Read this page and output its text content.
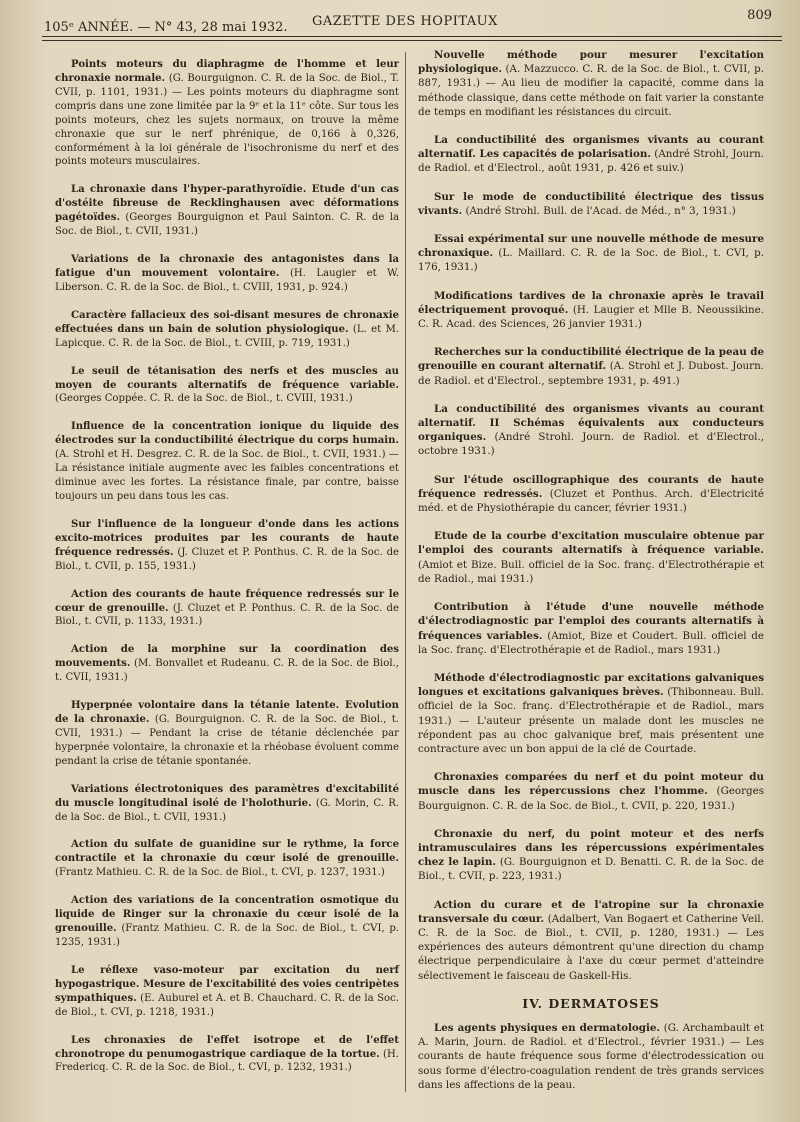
105ᵉ ANNÉE. — N° 43, 28 mai 1932. GAZETTE DES HOPITAUX	809

Points moteurs du diaphragme de l'homme et leur chronaxie normale. (G. Bourguignon. C. R. de la Soc. de Biol., T. CVII, p. 1101, 1931.) — Les points moteurs du diaphragme sont compris dans une zone limitée par la 9ᵉ et la 11ᵉ côte. Sur tous les points moteurs, chez les sujets normaux, on trouve la même chronaxie que sur le nerf phrénique, de 0,166 à 0,326, conformément à la loi générale de l'isochronisme du nerf et des points moteurs musculaires.

La chronaxie dans l'hyper-parathyroïdie. Etude d'un cas d'ostéite fibreuse de Recklinghausen avec déformations pagétoïdes. (Georges Bourguignon et Paul Sainton. C. R. de la Soc. de Biol., t. CVII, 1931.)

Variations de la chronaxie des antagonistes dans la fatigue d'un mouvement volontaire. (H. Laugier et W. Liberson. C. R. de la Soc. de Biol., t. CVIII, 1931, p. 924.)

Caractère fallacieux des soi-disant mesures de chronaxie effectuées dans un bain de solution physiologique. (L. et M. Lapicque. C. R. de la Soc. de Biol., t. CVIII, p. 719, 1931.)

Le seuil de tétanisation des nerfs et des muscles au moyen de courants alternatifs de fréquence variable. (Georges Coppée. C. R. de la Soc. de Biol., t. CVIII, 1931.)

Influence de la concentration ionique du liquide des électrodes sur la conductibilité électrique du corps humain. (A. Strohl et H. Desgrez. C. R. de la Soc. de Biol., t. CVII, 1931.) — La résistance initiale augmente avec les faibles concentrations et diminue avec les fortes. La résistance finale, par contre, baisse toujours un peu dans tous les cas.

Sur l'influence de la longueur d'onde dans les actions excito-motrices produites par les courants de haute fréquence redressés. (J. Cluzet et P. Ponthus. C. R. de la Soc. de Biol., t. CVII, p. 155, 1931.)

Action des courants de haute fréquence redressés sur le cœur de grenouille. (J. Cluzet et P. Ponthus. C. R. de la Soc. de Biol., t. CVII, p. 1133, 1931.)

Action de la morphine sur la coordination des mouvements. (M. Bonvallet et Rudeanu. C. R. de la Soc. de Biol., t. CVII, 1931.)

Hyperpnée volontaire dans la tétanie latente. Evolution de la chronaxie. (G. Bourguignon. C. R. de la Soc. de Biol., t. CVII, 1931.) — Pendant la crise de tétanie déclenchée par hyperpnée volontaire, la chronaxie et la rhéobase évoluent comme pendant la crise de tétanie spontanée.

Variations électrotoniques des paramètres d'excitabilité du muscle longitudinal isolé de l'holothurie. (G. Morin, C. R. de la Soc. de Biol., t. CVII, 1931.)

Action du sulfate de guanidine sur le rythme, la force contractile et la chronaxie du cœur isolé de grenouille. (Frantz Mathieu. C. R. de la Soc. de Biol., t. CVI, p. 1237, 1931.)

Action des variations de la concentration osmotique du liquide de Ringer sur la chronaxie du cœur isolé de la grenouille. (Frantz Mathieu. C. R. de la Soc. de Biol., t. CVI, p. 1235, 1931.)

Le réflexe vaso-moteur par excitation du nerf hypogastrique. Mesure de l'excitabilité des voies centripètes sympathiques. (E. Auburel et A. et B. Chauchard. C. R. de la Soc. de Biol., t. CVI, p. 1218, 1931.)

Les chronaxies de l'effet isotrope et de l'effet chronotrope du penumogastrique cardiaque de la tortue. (H. Fredericq. C. R. de la Soc. de Biol., t. CVI, p. 1232, 1931.)

Nouvelle méthode pour mesurer l'excitation physiologique. (A. Mazzucco. C. R. de la Soc. de Biol., t. CVII, p. 887, 1931.) — Au lieu de modifier la capacité, comme dans la méthode classique, dans cette méthode on fait varier la constante de temps en modifiant les résistances du circuit.

La conductibilité des organismes vivants au courant alternatif. Les capacités de polarisation. (André Strohl, Journ. de Radiol. et d'Electrol., août 1931, p. 426 et suiv.)

Sur le mode de conductibilité électrique des tissus vivants. (André Strohl. Bull. de l'Acad. de Méd., n° 3, 1931.)

Essai expérimental sur une nouvelle méthode de mesure chronaxique. (L. Maillard. C. R. de la Soc. de Biol., t. CVI, p. 176, 1931.)

Modifications tardives de la chronaxie après le travail électriquement provoqué. (H. Laugier et Mlle B. Neoussikine. C. R. Acad. des Sciences, 26 janvier 1931.)

Recherches sur la conductibilité électrique de la peau de grenouille en courant alternatif. (A. Strohl et J. Dubost. Journ. de Radiol. et d'Electrol., septembre 1931, p. 491.)

La conductibilité des organismes vivants au courant alternatif. II Schémas équivalents aux conducteurs organiques. (André Strohl. Journ. de Radiol. et d'Electrol., octobre 1931.)

Sur l'étude oscillographique des courants de haute fréquence redressés. (Cluzet et Ponthus. Arch. d'Electricité méd. et de Physiothérapie du cancer, février 1931.)

Etude de la courbe d'excitation musculaire obtenue par l'emploi des courants alternatifs à fréquence variable. (Amiot et Bize. Bull. officiel de la Soc. franç. d'Electrothérapie et de Radiol., mai 1931.)

Contribution à l'étude d'une nouvelle méthode d'électrodiagnostic par l'emploi des courants alternatifs à fréquences variables. (Amiot, Bize et Coudert. Bull. officiel de la Soc. franç. d'Electrothérapie et de Radiol., mars 1931.)

Méthode d'électrodiagnostic par excitations galvaniques longues et excitations galvaniques brèves. (Thibonneau. Bull. officiel de la Soc. franç. d'Electrothérapie et de Radiol., mars 1931.) — L'auteur présente un malade dont les muscles ne répondent pas au choc galvanique bref, mais présentent une contracture avec un bon appui de la clé de Courtade.

Chronaxies comparées du nerf et du point moteur du muscle dans les répercussions chez l'homme. (Georges Bourguignon. C. R. de la Soc. de Biol., t. CVII, p. 220, 1931.)

Chronaxie du nerf, du point moteur et des nerfs intramusculaires dans les répercussions expérimentales chez le lapin. (G. Bourguignon et D. Benatti. C. R. de la Soc. de Biol., t. CVII, p. 223, 1931.)

Action du curare et de l'atropine sur la chronaxie transversale du cœur. (Adalbert, Van Bogaert et Catherine Veil. C. R. de la Soc. de Biol., t. CVII, p. 1280, 1931.) — Les expériences des auteurs démontrent qu'une direction du champ électrique perpendiculaire à l'axe du cœur permet d'atteindre sélectivement le faisceau de Gaskell-His.

IV. DERMATOSES

Les agents physiques en dermatologie. (G. Archambault et A. Marin, Journ. de Radiol. et d'Electrol., février 1931.) — Les courants de haute fréquence sous forme d'électrodessication ou sous forme d'électro-coagulation rendent de très grands services dans les affections de la peau.
